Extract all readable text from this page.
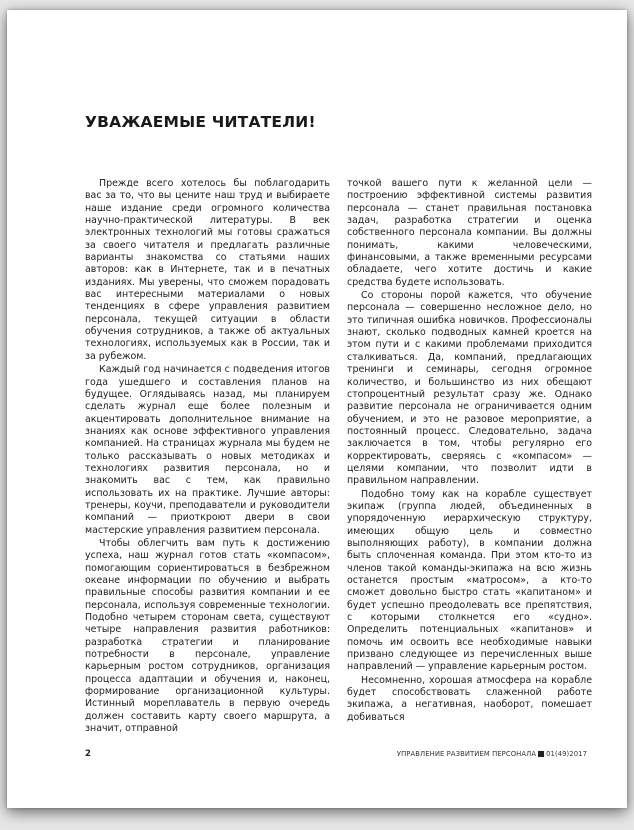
УВАЖАЕМЫЕ ЧИТАТЕЛИ!

Прежде всего хотелось бы поблагодарить вас за то, что вы цените наш труд и выбираете наше издание среди огромного количества научно-практической литературы. В век электронных технологий мы готовы сражаться за своего читателя и предлагать различные варианты знакомства со статьями наших авторов: как в Интернете, так и в печатных изданиях. Мы уверены, что сможем порадовать вас интересными материалами о новых тенденциях в сфере управления развитием персонала, текущей ситуации в области обучения сотрудников, а также об актуальных технологиях, используемых как в России, так и за рубежом.

Каждый год начинается с подведения итогов года ушедшего и составления планов на будущее. Оглядываясь назад, мы планируем сделать журнал еще более полезным и акцентировать дополнительное внимание на знаниях как основе эффективного управления компанией. На страницах журнала мы будем не только рассказывать о новых методиках и технологиях развития персонала, но и знакомить вас с тем, как правильно использовать их на практике. Лучшие авторы: тренеры, коучи, преподаватели и руководители компаний — приоткроют двери в свои мастерские управления развитием персонала.

Чтобы облегчить вам путь к достижению успеха, наш журнал готов стать «компасом», помогающим сориентироваться в безбрежном океане информации по обучению и выбрать правильные способы развития компании и ее персонала, используя современные технологии. Подобно четырем сторонам света, существуют четыре направления развития работников: разработка стратегии и планирование потребности в персонале, управление карьерным ростом сотрудников, организация процесса адаптации и обучения и, наконец, формирование организационной культуры. Истинный мореплаватель в первую очередь должен составить карту своего маршрута, а значит, отправной

точкой вашего пути к желанной цели — построению эффективной системы развития персонала — станет правильная постановка задач, разработка стратегии и оценка собственного персонала компании. Вы должны понимать, какими человеческими, финансовыми, а также временными ресурсами обладаете, чего хотите достичь и какие средства будете использовать.

Со стороны порой кажется, что обучение персонала — совершенно несложное дело, но это типичная ошибка новичков. Профессионалы знают, сколько подводных камней кроется на этом пути и с какими проблемами приходится сталкиваться. Да, компаний, предлагающих тренинги и семинары, сегодня огромное количество, и большинство из них обещают стопроцентный результат сразу же. Однако развитие персонала не ограничивается одним обучением, и это не разовое мероприятие, а постоянный процесс. Следовательно, задача заключается в том, чтобы регулярно его корректировать, сверяясь с «компасом» — целями компании, что позволит идти в правильном направлении.

Подобно тому как на корабле существует экипаж (группа людей, объединенных в упорядоченную иерархическую структуру, имеющих общую цель и совместно выполняющих работу), в компании должна быть сплоченная команда. При этом кто-то из членов такой команды-экипажа на всю жизнь останется простым «матросом», а кто-то сможет довольно быстро стать «капитаном» и будет успешно преодолевать все препятствия, с которыми столкнется его «судно». Определить потенциальных «капитанов» и помочь им освоить все необходимые навыки призвано следующее из перечисленных выше направлений — управление карьерным ростом.

Несомненно, хорошая атмосфера на корабле будет способствовать слаженной работе экипажа, а негативная, наоборот, помешает добиваться

2	УПРАВЛЕНИЕ РАЗВИТИЕМ ПЕРСОНАЛА 01(49)2017
